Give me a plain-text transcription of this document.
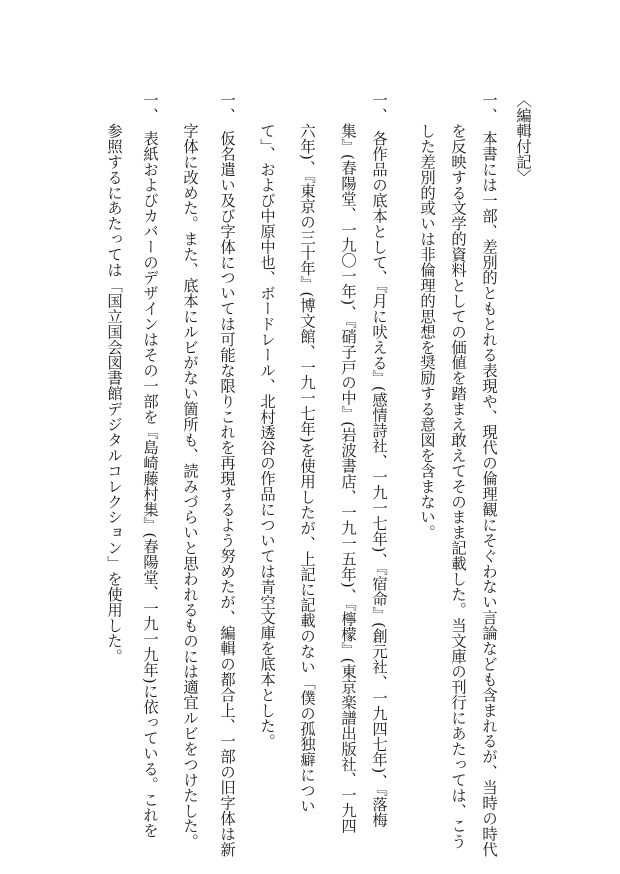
〈編輯付記〉
一、　本書には一部、差別的ともとれる表現や、現代の倫理観にそぐわない言論なども含まれるが、当時の時代
を反映する文学的資料としての価値を踏まえ敢えてそのまま記載した。当文庫の刊行にあたっては、こう
した差別的或いは非倫理的思想を奨励する意図を含まない。
一、　各作品の底本として、『月に吠える』(感情詩社、一九一七年)、『宿命』(創元社、一九四七年)、『落梅
集』(春陽堂、一九〇一年)、『硝子戸の中』(岩波書店、一九一五年)、『檸檬』(東京楽譜出版社、一九四
六年)、『東京の三十年』(博文館、一九一七年)を使用したが、上記に記載のない「僕の孤独癖につい
て」、および中原中也、ボードレール、北村透谷の作品については青空文庫を底本とした。
一、　仮名遣い及び字体については可能な限りこれを再現するよう努めたが、編輯の都合上、一部の旧字体は新
字体に改めた。また、底本にルビがない箇所も、読みづらいと思われるものには適宜ルビをつけたした。
一、　表紙およびカバーのデザインはその一部を『島崎藤村集』(春陽堂、一九一九年)に依っている。これを
参照するにあたっては「国立国会図書館デジタルコレクション」を使用した。
